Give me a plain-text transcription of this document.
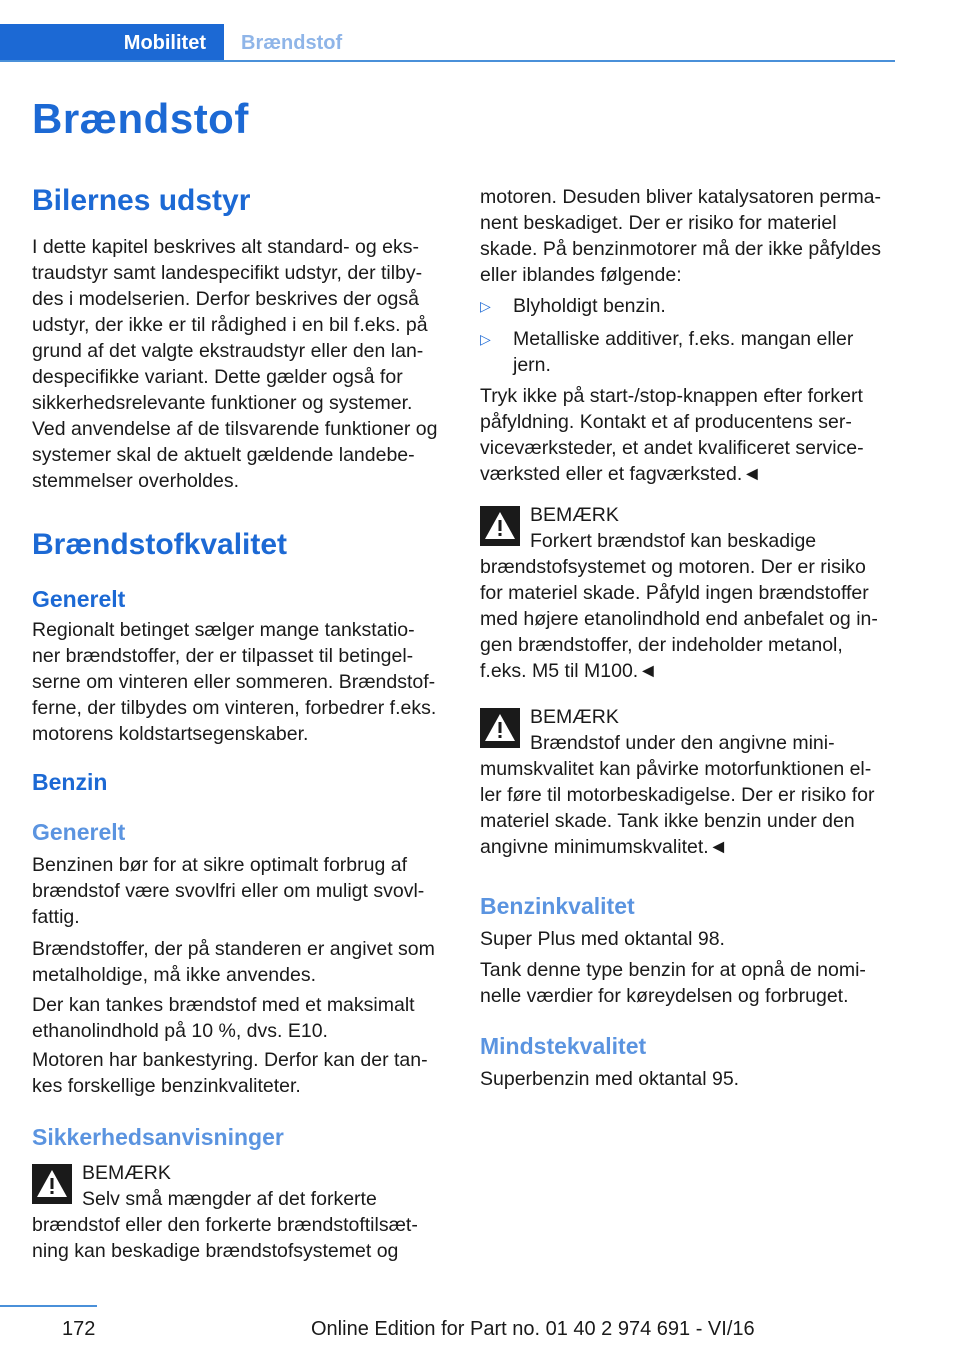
Mobilitet	Brændstof
Brændstof
Bilernes udstyr

I dette kapitel beskrives alt standard- og eks-
traudstyr samt landespecifikt udstyr, der tilby-
des i modelserien. Derfor beskrives der også
udstyr, der ikke er til rådighed i en bil f.eks. på
grund af det valgte ekstraudstyr eller den lan-
despecifikke variant. Dette gælder også for
sikkerhedsrelevante funktioner og systemer.
Ved anvendelse af de tilsvarende funktioner og
systemer skal de aktuelt gældende landebe-
stemmelser overholdes.

Brændstofkvalitet
Generelt

Regionalt betinget sælger mange tankstatio-
ner brændstoffer, der er tilpasset til betingel-
serne om vinteren eller sommeren. Brændstof-
ferne, der tilbydes om vinteren, forbedrer f.eks.
motorens koldstartsegenskaber.

Benzin
Generelt

Benzinen bør for at sikre optimalt forbrug af
brændstof være svovlfri eller om muligt svovl-
fattig.

Brændstoffer, der på standeren er angivet som
metalholdige, må ikke anvendes.

Der kan tankes brændstof med et maksimalt
ethanolindhold på 10 %, dvs. E10.

Motoren har bankestyring. Derfor kan der tan-
kes forskellige benzinkvaliteter.

Sikkerhedsanvisninger
BEMÆRK
Selv små mængder af det forkerte
brændstof eller den forkerte brændstoftilsæt-
ning kan beskadige brændstofsystemet og

motoren. Desuden bliver katalysatoren perma-
nent beskadiget. Der er risiko for materiel
skade. På benzinmotorer må der ikke påfyldes
eller iblandes følgende:

▷ Blyholdigt benzin.
▷ Metalliske additiver, f.eks. mangan eller
jern.

Tryk ikke på start-/stop-knappen efter forkert
påfyldning. Kontakt et af producentens ser-
viceværksteder, et andet kvalificeret service-
værksted eller et fagværksted.◄

BEMÆRK
Forkert brændstof kan beskadige
brændstofsystemet og motoren. Der er risiko
for materiel skade. Påfyld ingen brændstoffer
med højere etanolindhold end anbefalet og in-
gen brændstoffer, der indeholder metanol,
f.eks. M5 til M100.◄
BEMÆRK
Brændstof under den angivne mini-
mumskvalitet kan påvirke motorfunktionen el-
ler føre til motorbeskadigelse. Der er risiko for
materiel skade. Tank ikke benzin under den
angivne minimumskvalitet.◄
Benzinkvalitet

Super Plus med oktantal 98.

Tank denne type benzin for at opnå de nomi-
nelle værdier for køreydelsen og forbruget.

Mindstekvalitet

Superbenzin med oktantal 95.

172	Online Edition for Part no. 01 40 2 974 691 - VI/16
